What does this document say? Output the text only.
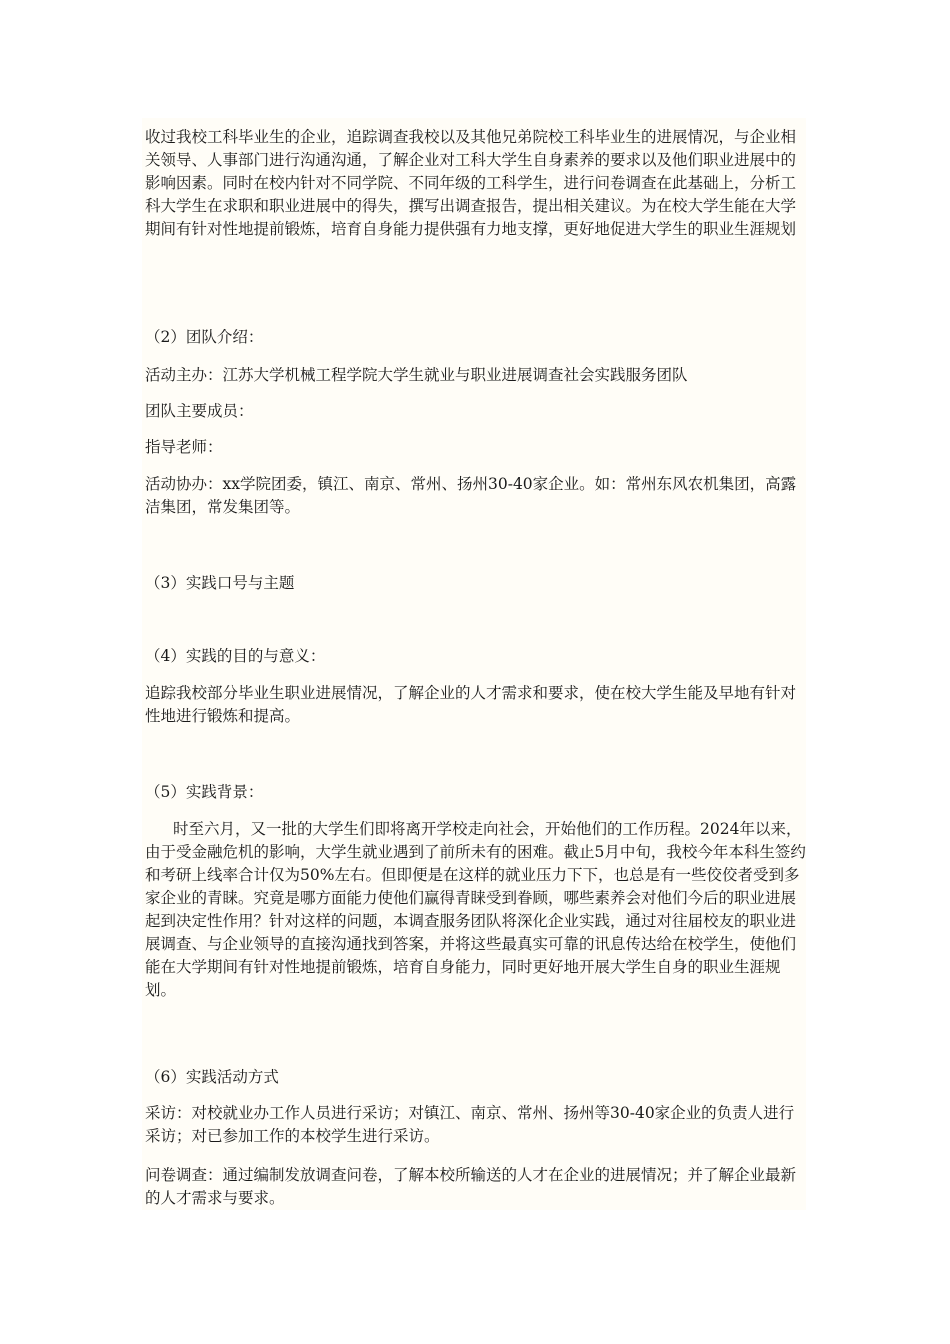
收过我校工科毕业生的企业，追踪调查我校以及其他兄弟院校工科毕业生的进展情况，与企业相关领导、人事部门进行沟通沟通，了解企业对工科大学生自身素养的要求以及他们职业进展中的影响因素。同时在校内针对不同学院、不同年级的工科学生，进行问卷调查在此基础上，分析工科大学生在求职和职业进展中的得失，撰写出调查报告，提出相关建议。为在校大学生能在大学期间有针对性地提前锻炼，培育自身能力提供强有力地支撑，更好地促进大学生的职业生涯规划

（2）团队介绍：

活动主办：江苏大学机械工程学院大学生就业与职业进展调查社会实践服务团队

团队主要成员：

指导老师：

活动协办：xx学院团委，镇江、南京、常州、扬州30-40家企业。如：常州东风农机集团，高露洁集团，常发集团等。

（3）实践口号与主题

（4）实践的目的与意义：

追踪我校部分毕业生职业进展情况，了解企业的人才需求和要求，使在校大学生能及早地有针对性地进行锻炼和提高。

（5）实践背景：

时至六月，又一批的大学生们即将离开学校走向社会，开始他们的工作历程。2024年以来，由于受金融危机的影响，大学生就业遇到了前所未有的困难。截止5月中旬，我校今年本科生签约和考研上线率合计仅为50%左右。但即便是在这样的就业压力下下，也总是有一些佼佼者受到多家企业的青睐。究竟是哪方面能力使他们赢得青睐受到眷顾，哪些素养会对他们今后的职业进展起到决定性作用？针对这样的问题，本调查服务团队将深化企业实践，通过对往届校友的职业进展调查、与企业领导的直接沟通找到答案，并将这些最真实可靠的讯息传达给在校学生，使他们能在大学期间有针对性地提前锻炼，培育自身能力，同时更好地开展大学生自身的职业生涯规划。

（6）实践活动方式

采访：对校就业办工作人员进行采访；对镇江、南京、常州、扬州等30-40家企业的负责人进行采访；对已参加工作的本校学生进行采访。

问卷调查：通过编制发放调查问卷，了解本校所输送的人才在企业的进展情况；并了解企业最新的人才需求与要求。
